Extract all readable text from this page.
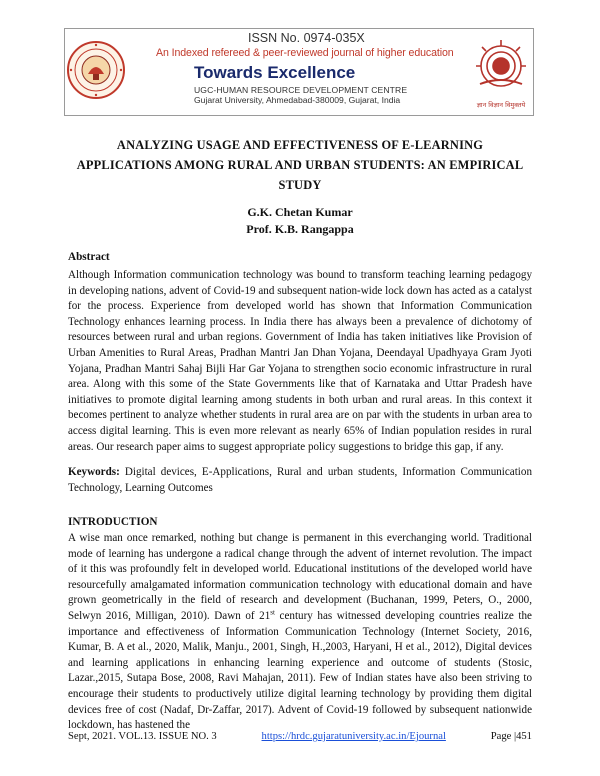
ISSN No. 0974-035X

An Indexed refereed & peer-reviewed journal of higher education

Towards Excellence

UGC-HUMAN RESOURCE DEVELOPMENT CENTRE

Gujarat University, Ahmedabad-380009, Gujarat, India	ज्ञान विज्ञान विमुक्तये
ANALYZING USAGE AND EFFECTIVENESS OF E-LEARNING
APPLICATIONS AMONG RURAL AND URBAN STUDENTS: AN EMPIRICAL
STUDY
G.K. Chetan Kumar
Prof. K.B. Rangappa
Abstract

Although Information communication technology was bound to transform teaching learning pedagogy in developing nations, advent of Covid-19 and subsequent nation-wide lock down has acted as a catalyst for the process. Experience from developed world has shown that Information Communication Technology enhances learning process. In India there has always been a prevalence of dichotomy of resources between rural and urban regions. Government of India has taken initiatives like Provision of Urban Amenities to Rural Areas, Pradhan Mantri Jan Dhan Yojana, Deendayal Upadhyaya Gram Jyoti Yojana, Pradhan Mantri Sahaj Bijli Har Gar Yojana to strengthen socio economic infrastructure in rural area. Along with this some of the State Governments like that of Karnataka and Uttar Pradesh have initiatives to promote digital learning among students in both urban and rural areas. In this context it becomes pertinent to analyze whether students in rural area are on par with the students in urban area to access digital learning. This is even more relevant as nearly 65% of Indian population resides in rural areas. Our research paper aims to suggest appropriate policy suggestions to bridge this gap, if any.

Keywords: Digital devices, E-Applications, Rural and urban students, Information Communication Technology, Learning Outcomes

INTRODUCTION

A wise man once remarked, nothing but change is permanent in this everchanging world. Traditional mode of learning has undergone a radical change through the advent of internet revolution. The impact of it this was profoundly felt in developed world. Educational institutions of the developed world have resourcefully amalgamated information communication technology with educational domain and have grown geometrically in the field of research and development (Buchanan, 1999, Peters, O., 2000, Selwyn 2016, Milligan, 2010). Dawn of 21st century has witnessed developing countries realize the importance and effectiveness of Information Communication Technology (Internet Society, 2016, Kumar, B. A et al., 2020, Malik, Manju., 2001, Singh, H.,2003, Haryani, H et al., 2012), Digital devices and learning applications in enhancing learning experience and outcome of students (Stosic, Lazar.,2015, Sutapa Bose, 2008, Ravi Mahajan, 2011). Few of Indian states have also been striving to encourage their students to productively utilize digital learning technology by providing them digital devices free of cost (Nadaf, Dr-Zaffar, 2017). Advent of Covid-19 followed by subsequent nationwide lockdown, has hastened the

Sept, 2021. VOL.13. ISSUE NO. 3	https://hrdc.gujaratuniversity.ac.in/Ejournal	Page |451
